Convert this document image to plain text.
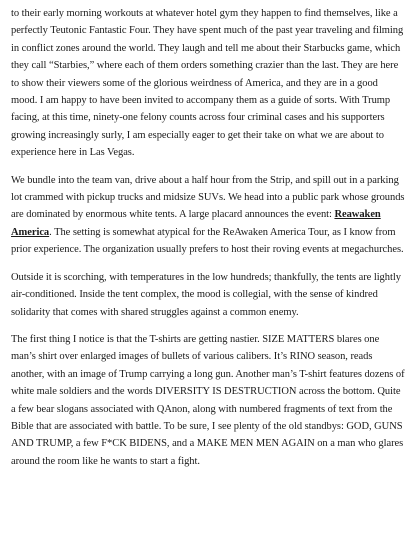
to their early morning workouts at whatever hotel gym they happen to find themselves, like a perfectly Teutonic Fantastic Four. They have spent much of the past year traveling and filming in conflict zones around the world. They laugh and tell me about their Starbucks game, which they call “Starbies,” where each of them orders something crazier than the last. They are here to show their viewers some of the glorious weirdness of America, and they are in a good mood. I am happy to have been invited to accompany them as a guide of sorts. With Trump facing, at this time, ninety-one felony counts across four criminal cases and his supporters growing increasingly surly, I am especially eager to get their take on what we are about to experience here in Las Vegas.

We bundle into the team van, drive about a half hour from the Strip, and spill out in a parking lot crammed with pickup trucks and midsize SUVs. We head into a public park whose grounds are dominated by enormous white tents. A large placard announces the event: Reawaken America. The setting is somewhat atypical for the ReAwaken America Tour, as I know from prior experience. The organization usually prefers to host their roving events at megachurches.

Outside it is scorching, with temperatures in the low hundreds; thankfully, the tents are lightly air-conditioned. Inside the tent complex, the mood is collegial, with the sense of kindred solidarity that comes with shared struggles against a common enemy.

The first thing I notice is that the T-shirts are getting nastier. SIZE MATTERS blares one man’s shirt over enlarged images of bullets of various calibers. It’s RINO season, reads another, with an image of Trump carrying a long gun. Another man’s T-shirt features dozens of white male soldiers and the words DIVERSITY IS DESTRUCTION across the bottom. Quite a few bear slogans associated with QAnon, along with numbered fragments of text from the Bible that are associated with battle. To be sure, I see plenty of the old standbys: GOD, GUNS AND TRUMP, a few F*CK BIDENS, and a MAKE MEN MEN AGAIN on a man who glares around the room like he wants to start a fight.
